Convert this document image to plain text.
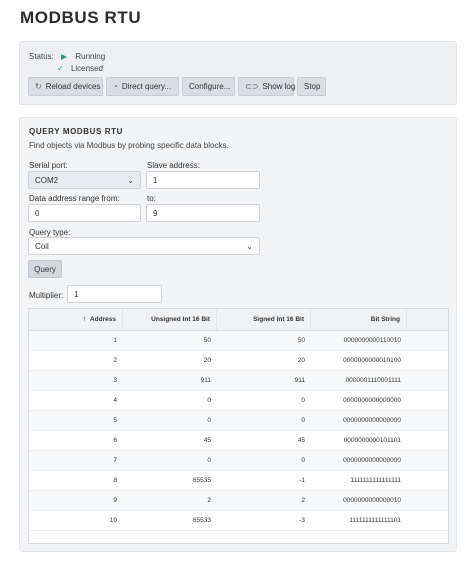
MODBUS RTU
Status:	Running
✓ Licensed
↻ Reload devices ◔ Direct query... Configure... ⊂⊃ Show log Stop
QUERY MODBUS RTU
Find objects via Modbus by probing specific data blocks.
Serial port:
COM2	⌄
Slave address:
1
Data address range from:
0
to:
9
Query type:
Coil	⌄
Query
Multiplier: 1
↑ Address	Unsigned Int 16 Bit	Signed Int 16 Bit	Bit String
1	50	50	0000000000110010
2	20	20	0000000000010100
3	911	911	0000001110001111
4	0	0	0000000000000000
5	0	0	0000000000000000
6	45	45	0000000000101101
7	0	0	0000000000000000
8	65535	-1	1111111111111111
9	2	2	0000000000000010
10	65533	-3	1111111111111101
